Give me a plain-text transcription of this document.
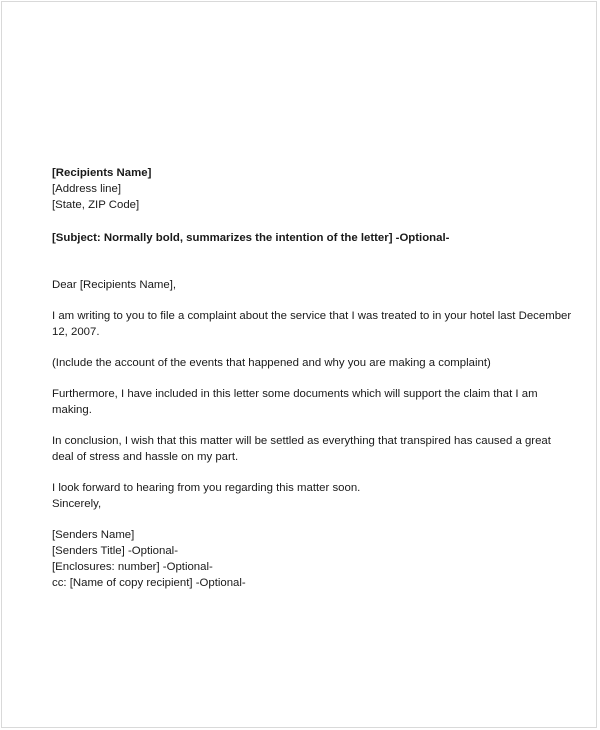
[Recipients Name]
[Address line]
[State, ZIP Code]
[Subject: Normally bold, summarizes the intention of the letter] -Optional-
Dear [Recipients Name],
I am writing to you to file a complaint about the service that I was treated to in your hotel last December 12, 2007.
(Include the account of the events that happened and why you are making a complaint)
Furthermore, I have included in this letter some documents which will support the claim that I am making.
In conclusion, I wish that this matter will be settled as everything that transpired has caused a great deal of stress and hassle on my part.
I look forward to hearing from you regarding this matter soon.
Sincerely,
[Senders Name]
[Senders Title] -Optional-
[Enclosures: number] -Optional-
cc: [Name of copy recipient] -Optional-
